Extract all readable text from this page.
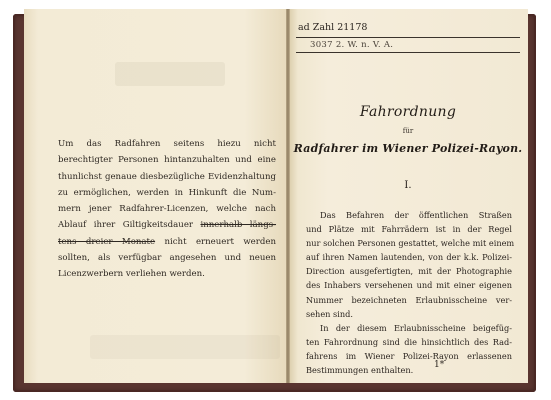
Um das Radfahren seitens hiezu nicht
berechtigter Personen hintanzuhalten und eine
thunlichst genaue diesbezügliche Evidenzhaltung
zu ermöglichen, werden in Hinkunft die Num-
mern jener Radfahrer-Licenzen, welche nach
Ablauf ihrer Giltigkeitsdauer innerhalb längs-
tens dreier Monate nicht erneuert werden
sollten, als verfügbar angesehen und neuen
Licenzwerbern verliehen werden.
ad Zahl 21178
3037 2. W. n. V. A.
Fahrordnung
für
Radfahrer im Wiener Polizei-Rayon.
I.
Das Befahren der öffentlichen Straßen
und Plätze mit Fahrrädern ist in der Regel
nur solchen Personen gestattet, welche mit einem
auf ihren Namen lautenden, von der k.k. Polizei-
Direction ausgefertigten, mit der Photographie
des Inhabers versehenen und mit einer eigenen
Nummer bezeichneten Erlaubnisscheine ver-
sehen sind.
In der diesem Erlaubnisscheine beigefüg-
ten Fahrordnung sind die hinsichtlich des Rad-
fahrens im Wiener Polizei-Rayon erlassenen
Bestimmungen enthalten.
1*
